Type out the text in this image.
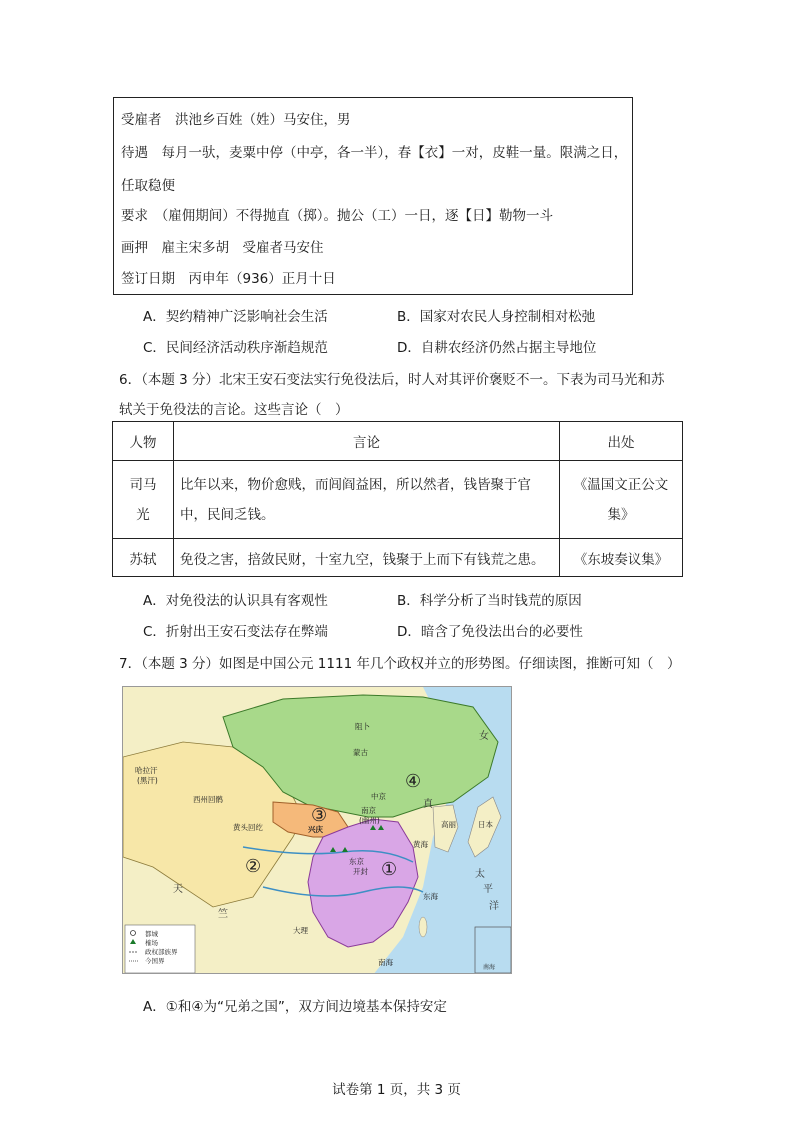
受雇者　洪池乡百姓（姓）马安住，男
待遇　每月一驮，麦粟中停（中亭，各一半），春【衣】一对，皮鞋一量。限满之日，
任取稳便
要求　（雇佣期间）不得抛直（掷）。抛公（工）一日，逐【日】勒物一斗
画押　雇主宋多胡　受雇者马安住
签订日期　丙申年（936）正月十日
A．契约精神广泛影响社会生活	B．国家对农民人身控制相对松弛
C．民间经济活动秩序渐趋规范	D．自耕农经济仍然占据主导地位
6．（本题 3 分）北宋王安石变法实行免役法后，时人对其评价褒贬不一。下表为司马光和苏
轼关于免役法的言论。这些言论（　）
人物	言论	出处
司马光	比年以来，物价愈贱，而闾阎益困，所以然者，钱皆聚于官中，民间乏钱。	《温国文正公文集》
苏轼	免役之害，掊敛民财，十室九空，钱聚于上而下有钱荒之患。	《东坡奏议集》
A．对免役法的认识具有客观性	B．科学分析了当时钱荒的原因
C．折射出王安石变法存在弊端	D．暗含了免役法出台的必要性
7．（本题 3 分）如图是中国公元 1111 年几个政权并立的形势图。仔细读图，推断可知（　）
①
②
③
④
中京
南京
(幽州)
兴庆
东京
开封
西州回鹘
黄头回纥
哈拉汗
(黑汗)
蒙古
阻卜
大理
高丽	日本
黄海
东海
南海
南海
都城
榷场
政权部族界
今国界
天
竺
女
真
太
平
洋
A．①和④为“兄弟之国”，双方间边境基本保持安定
试卷第 1 页，共 3 页
